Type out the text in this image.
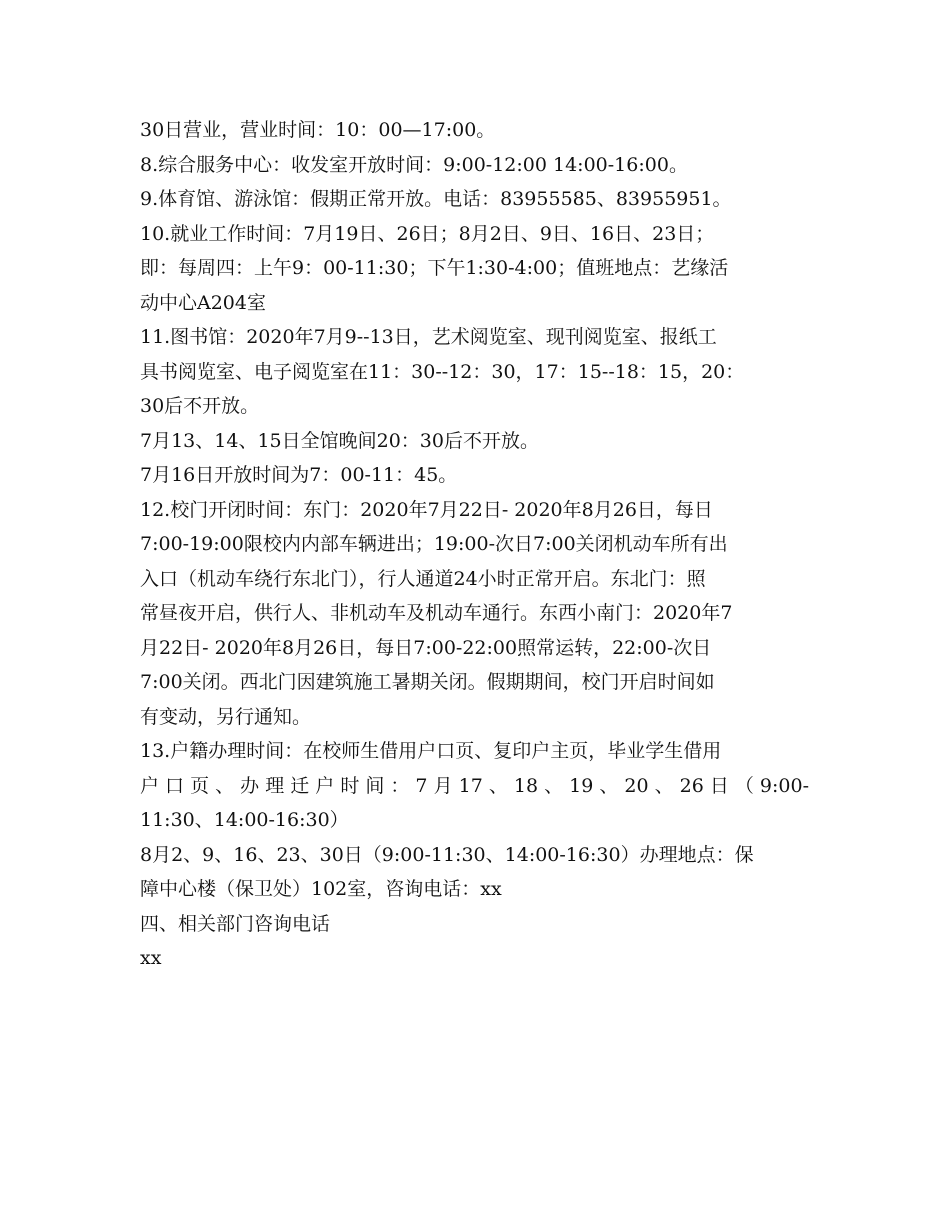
30日营业，营业时间：10：00—17:00。
8.综合服务中心：收发室开放时间：9:00-12:00 14:00-16:00。
9.体育馆、游泳馆：假期正常开放。电话：83955585、83955951。
10.就业工作时间：7月19日、26日；8月2日、9日、16日、23日；
即：每周四：上午9：00-11:30；下午1:30-4:00；值班地点：艺缘活
动中心A204室
11.图书馆：2020年7月9--13日，艺术阅览室、现刊阅览室、报纸工
具书阅览室、电子阅览室在11：30--12：30，17：15--18：15，20：
30后不开放。
7月13、14、15日全馆晚间20：30后不开放。
7月16日开放时间为7：00-11：45。
12.校门开闭时间：东门：2020年7月22日- 2020年8月26日，每日
7:00-19:00限校内内部车辆进出；19:00-次日7:00关闭机动车所有出
入口（机动车绕行东北门），行人通道24小时正常开启。东北门：照
常昼夜开启，供行人、非机动车及机动车通行。东西小南门：2020年7
月22日- 2020年8月26日，每日7:00-22:00照常运转，22:00-次日
7:00关闭。西北门因建筑施工暑期关闭。假期期间，校门开启时间如
有变动，另行通知。
13.户籍办理时间：在校师生借用户口页、复印户主页，毕业学生借用
户 口 页 、 办 理 迁 户 时 间 ： 7 月 17 、 18 、 19 、 20 、 26 日 （ 9:00-
11:30、14:00-16:30）
8月2、9、16、23、30日（9:00-11:30、14:00-16:30）办理地点：保
障中心楼（保卫处）102室，咨询电话：xx
四、相关部门咨询电话
xx
